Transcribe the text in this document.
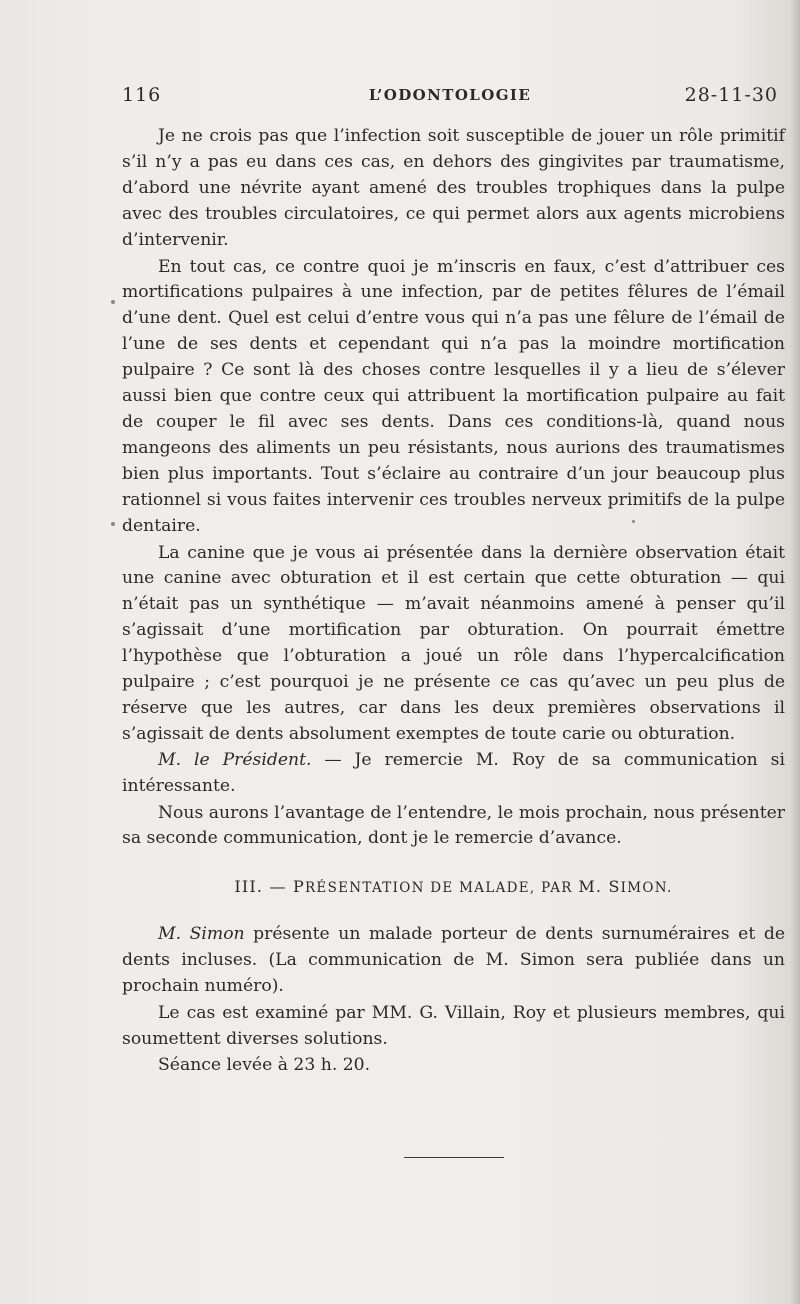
116	L’ODONTOLOGIE	28-11-30

Je ne crois pas que l’infection soit susceptible de jouer un rôle primitif s’il n’y a pas eu dans ces cas, en dehors des gingivites par traumatisme, d’abord une névrite ayant amené des troubles trophiques dans la pulpe avec des troubles circulatoires, ce qui permet alors aux agents microbiens d’intervenir.

En tout cas, ce contre quoi je m’inscris en faux, c’est d’attribuer ces mortifications pulpaires à une infection, par de petites fêlures de l’émail d’une dent. Quel est celui d’entre vous qui n’a pas une fêlure de l’émail de l’une de ses dents et cependant qui n’a pas la moindre mortification pulpaire ? Ce sont là des choses contre lesquelles il y a lieu de s’élever aussi bien que contre ceux qui attribuent la mortification pulpaire au fait de couper le fil avec ses dents. Dans ces conditions-là, quand nous mangeons des aliments un peu résistants, nous aurions des traumatismes bien plus importants. Tout s’éclaire au contraire d’un jour beaucoup plus rationnel si vous faites intervenir ces troubles nerveux primitifs de la pulpe dentaire.

La canine que je vous ai présentée dans la dernière observation était une canine avec obturation et il est certain que cette obturation — qui n’était pas un synthétique — m’avait néanmoins amené à penser qu’il s’agissait d’une mortification par obturation. On pourrait émettre l’hypothèse que l’obturation a joué un rôle dans l’hypercalcification pulpaire ; c’est pourquoi je ne présente ce cas qu’avec un peu plus de réserve que les autres, car dans les deux premières observations il s’agissait de dents absolument exemptes de toute carie ou obturation.

M. le Président. — Je remercie M. Roy de sa communication si intéressante.

Nous aurons l’avantage de l’entendre, le mois prochain, nous présenter sa seconde communication, dont je le remercie d’avance.

III. — PRÉSENTATION DE MALADE, PAR M. SIMON.

M. Simon présente un malade porteur de dents surnuméraires et de dents incluses. (La communication de M. Simon sera publiée dans un prochain numéro).

Le cas est examiné par MM. G. Villain, Roy et plusieurs membres, qui soumettent diverses solutions.

Séance levée à 23 h. 20.
